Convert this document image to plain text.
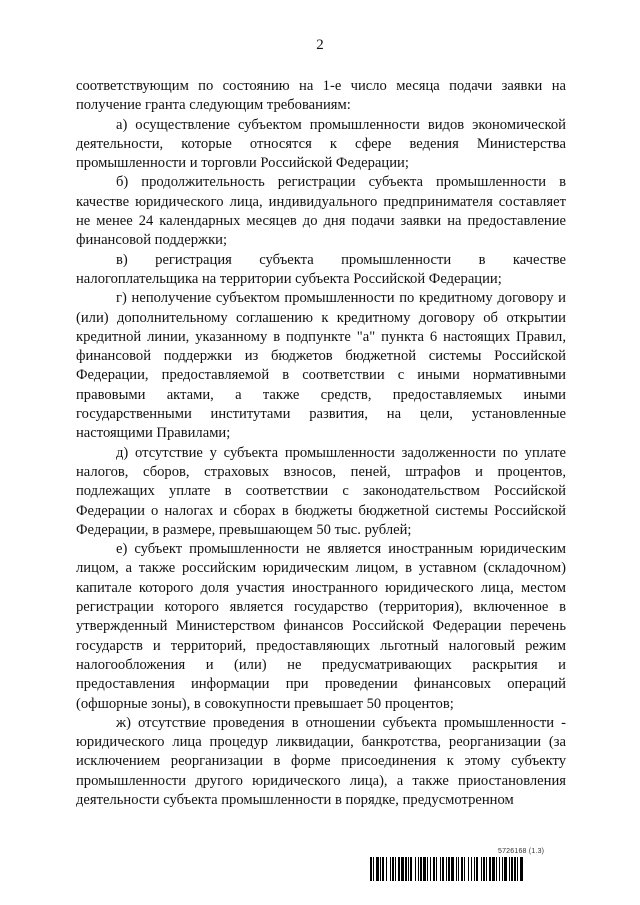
2

соответствующим по состоянию на 1-е число месяца подачи заявки на получение гранта следующим требованиям:

а) осуществление субъектом промышленности видов экономической деятельности, которые относятся к сфере ведения Министерства промышленности и торговли Российской Федерации;

б) продолжительность регистрации субъекта промышленности в качестве юридического лица, индивидуального предпринимателя составляет не менее 24 календарных месяцев до дня подачи заявки на предоставление финансовой поддержки;

в) регистрация субъекта промышленности в качестве налогоплательщика на территории субъекта Российской Федерации;

г) неполучение субъектом промышленности по кредитному договору и (или) дополнительному соглашению к кредитному договору об открытии кредитной линии, указанному в подпункте "а" пункта 6 настоящих Правил, финансовой поддержки из бюджетов бюджетной системы Российской Федерации, предоставляемой в соответствии с иными нормативными правовыми актами, а также средств, предоставляемых иными государственными институтами развития, на цели, установленные настоящими Правилами;

д) отсутствие у субъекта промышленности задолженности по уплате налогов, сборов, страховых взносов, пеней, штрафов и процентов, подлежащих уплате в соответствии с законодательством Российской Федерации о налогах и сборах в бюджеты бюджетной системы Российской Федерации, в размере, превышающем 50 тыс. рублей;

е) субъект промышленности не является иностранным юридическим лицом, а также российским юридическим лицом, в уставном (складочном) капитале которого доля участия иностранного юридического лица, местом регистрации которого является государство (территория), включенное в утвержденный Министерством финансов Российской Федерации перечень государств и территорий, предоставляющих льготный налоговый режим налогообложения и (или) не предусматривающих раскрытия и предоставления информации при проведении финансовых операций (офшорные зоны), в совокупности превышает 50 процентов;

ж) отсутствие проведения в отношении субъекта промышленности - юридического лица процедур ликвидации, банкротства, реорганизации (за исключением реорганизации в форме присоединения к этому субъекту промышленности другого юридического лица), а также приостановления деятельности субъекта промышленности в порядке, предусмотренном

5726168 (1.3)
